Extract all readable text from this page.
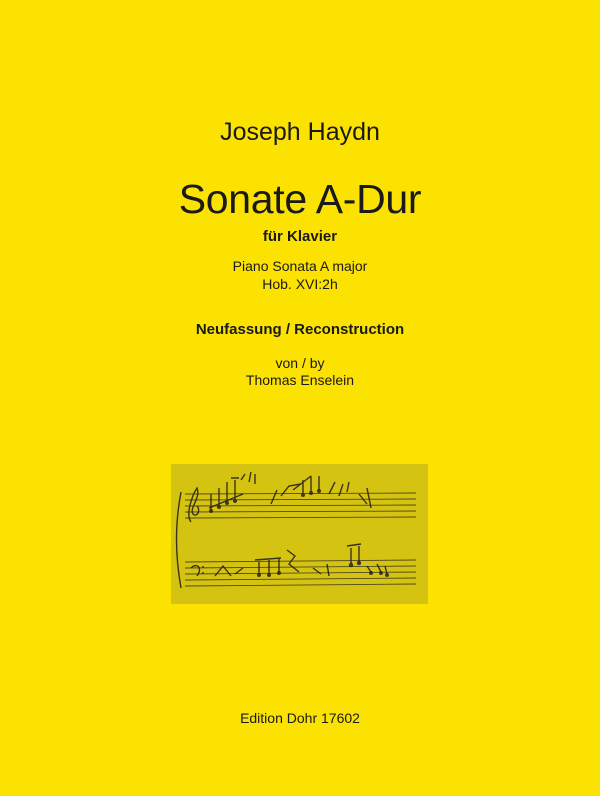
Joseph Haydn
Sonate A-Dur
für Klavier
Piano Sonata A major
Hob. XVI:2h
Neufassung / Reconstruction
von / by
Thomas Enselein
Edition Dohr 17602
